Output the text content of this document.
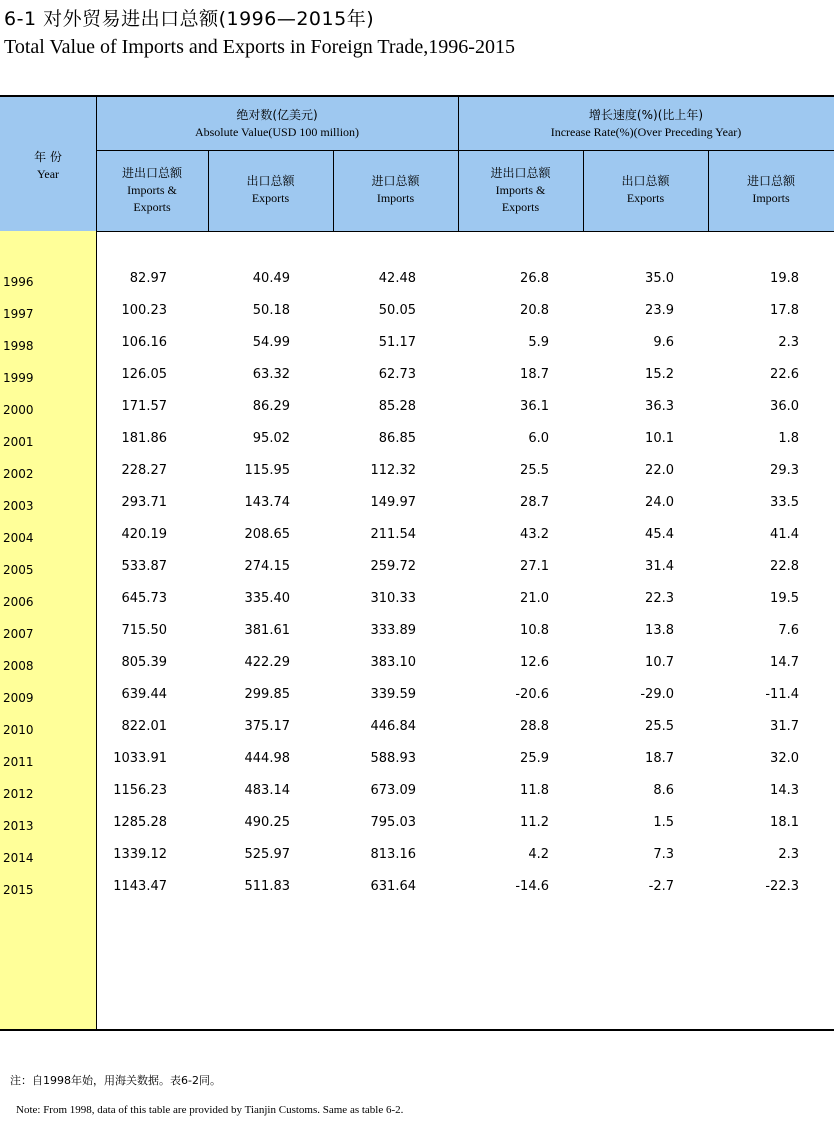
6-1 对外贸易进出口总额(1996—2015年)
Total Value of Imports and Exports in Foreign Trade,1996-2015
年 份
Year
绝对数(亿美元)
Absolute Value(USD 100 million)
增长速度(%)(比上年)
Increase Rate(%)(Over Preceding Year)
进出口总额
Imports &
Exports
出口总额
Exports
进口总额
Imports
进出口总额
Imports &
Exports
出口总额
Exports
进口总额
Imports
1996	82.97	40.49	42.48	26.8	35.0	19.8
1997	100.23	50.18	50.05	20.8	23.9	17.8
1998	106.16	54.99	51.17	5.9	9.6	2.3
1999	126.05	63.32	62.73	18.7	15.2	22.6
2000	171.57	86.29	85.28	36.1	36.3	36.0
2001	181.86	95.02	86.85	6.0	10.1	1.8
2002	228.27	115.95	112.32	25.5	22.0	29.3
2003	293.71	143.74	149.97	28.7	24.0	33.5
2004	420.19	208.65	211.54	43.2	45.4	41.4
2005	533.87	274.15	259.72	27.1	31.4	22.8
2006	645.73	335.40	310.33	21.0	22.3	19.5
2007	715.50	381.61	333.89	10.8	13.8	7.6
2008	805.39	422.29	383.10	12.6	10.7	14.7
2009	639.44	299.85	339.59	-20.6	-29.0	-11.4
2010	822.01	375.17	446.84	28.8	25.5	31.7
2011	1033.91	444.98	588.93	25.9	18.7	32.0
2012	1156.23	483.14	673.09	11.8	8.6	14.3
2013	1285.28	490.25	795.03	11.2	1.5	18.1
2014	1339.12	525.97	813.16	4.2	7.3	2.3
2015	1143.47	511.83	631.64	-14.6	-2.7	-22.3
注：自1998年始，用海关数据。表6-2同。
Note: From 1998, data of this table are provided by Tianjin Customs. Same as table 6-2.
